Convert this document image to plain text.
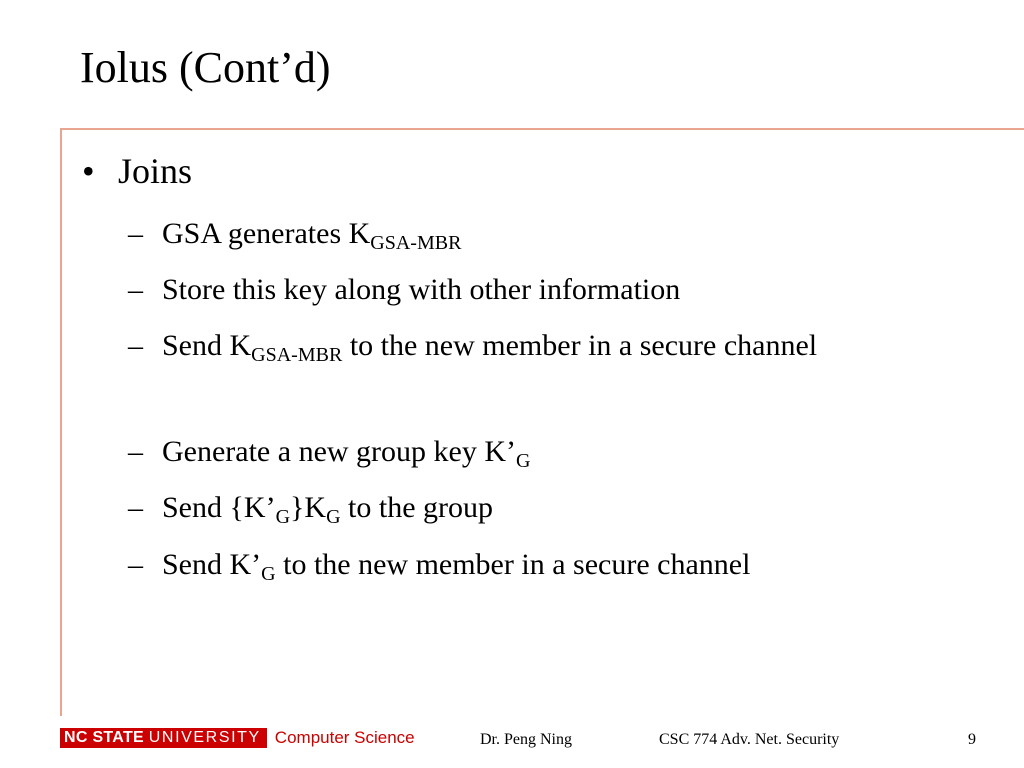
Iolus (Cont’d)
• Joins
– GSA generates $K_{GSA-MBR}$
– Store this key along with other information
– Send $K_{GSA-MBR}$ to the new member in a secure channel
– Generate a new group key $K’_G$
– Send $\{K’_G\}K_G$ to the group
– Send $K’_G$ to the new member in a secure channel
NC STATE UNIVERSITY Computer Science	Dr. Peng Ning	CSC 774 Adv. Net. Security	9
